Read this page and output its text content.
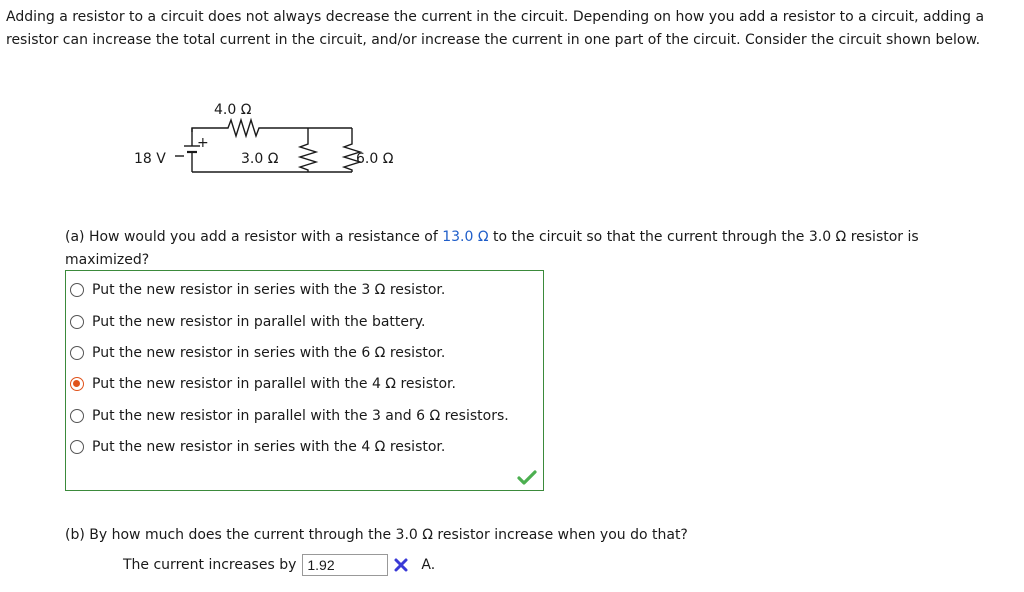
Adding a resistor to a circuit does not always decrease the current in the circuit. Depending on how you add a resistor to a circuit, adding a resistor can increase the total current in the circuit, and/or increase the current in one part of the circuit. Consider the circuit shown below.

18 V
+
4.0 Ω
3.0 Ω	6.0 Ω

(a) How would you add a resistor with a resistance of 13.0 Ω to the circuit so that the current through the 3.0 Ω resistor is maximized?

Put the new resistor in series with the 3 Ω resistor.
Put the new resistor in parallel with the battery.
Put the new resistor in series with the 6 Ω resistor.
Put the new resistor in parallel with the 4 Ω resistor.
Put the new resistor in parallel with the 3 and 6 Ω resistors.
Put the new resistor in series with the 4 Ω resistor.

(b) By how much does the current through the 3.0 Ω resistor increase when you do that?

The current increases by
1.92	A.
